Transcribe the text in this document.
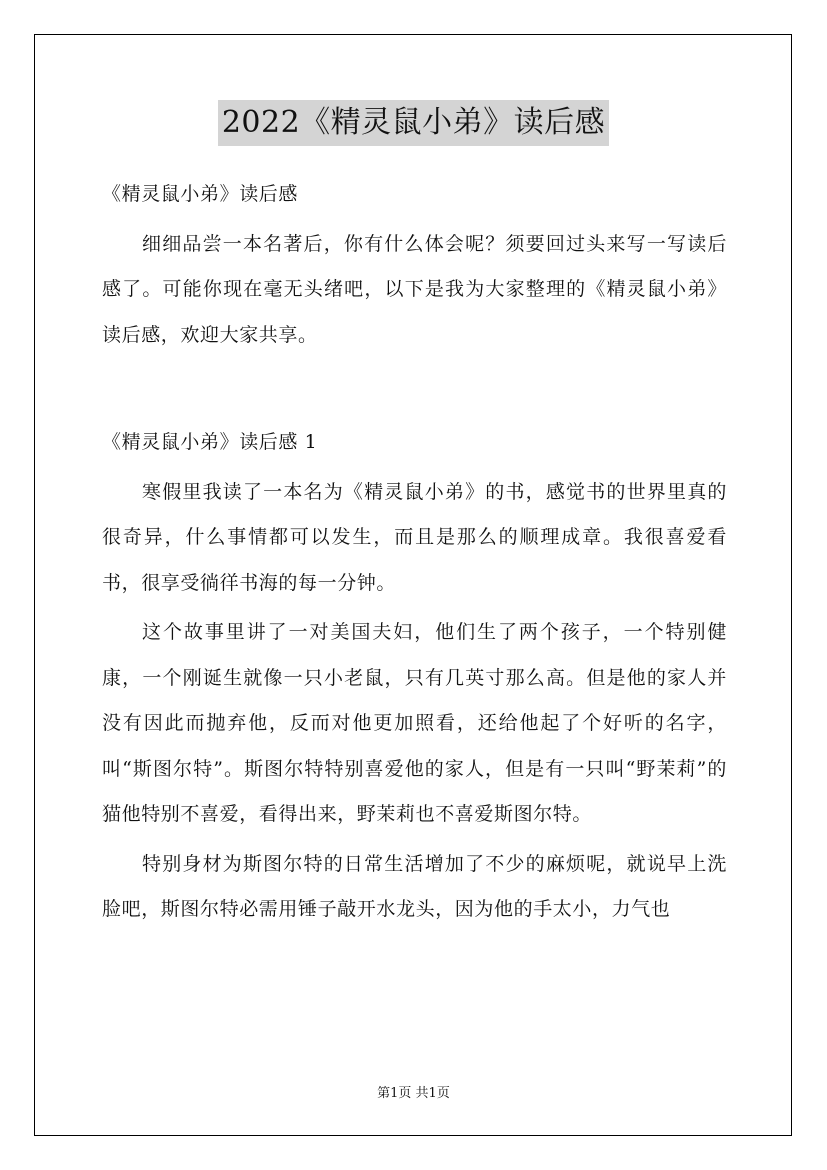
2022《精灵鼠小弟》读后感

《精灵鼠小弟》读后感

细细品尝一本名著后，你有什么体会呢？须要回过头来写一写读后感了。可能你现在毫无头绪吧，以下是我为大家整理的《精灵鼠小弟》读后感，欢迎大家共享。

《精灵鼠小弟》读后感 1

寒假里我读了一本名为《精灵鼠小弟》的书，感觉书的世界里真的很奇异，什么事情都可以发生，而且是那么的顺理成章。我很喜爱看书，很享受徜徉书海的每一分钟。

这个故事里讲了一对美国夫妇，他们生了两个孩子，一个特别健康，一个刚诞生就像一只小老鼠，只有几英寸那么高。但是他的家人并没有因此而抛弃他，反而对他更加照看，还给他起了个好听的名字，叫“斯图尔特”。斯图尔特特别喜爱他的家人，但是有一只叫“野茉莉”的猫他特别不喜爱，看得出来，野茉莉也不喜爱斯图尔特。

特别身材为斯图尔特的日常生活增加了不少的麻烦呢，就说早上洗脸吧，斯图尔特必需用锤子敲开水龙头，因为他的手太小，力气也

第1页 共1页
